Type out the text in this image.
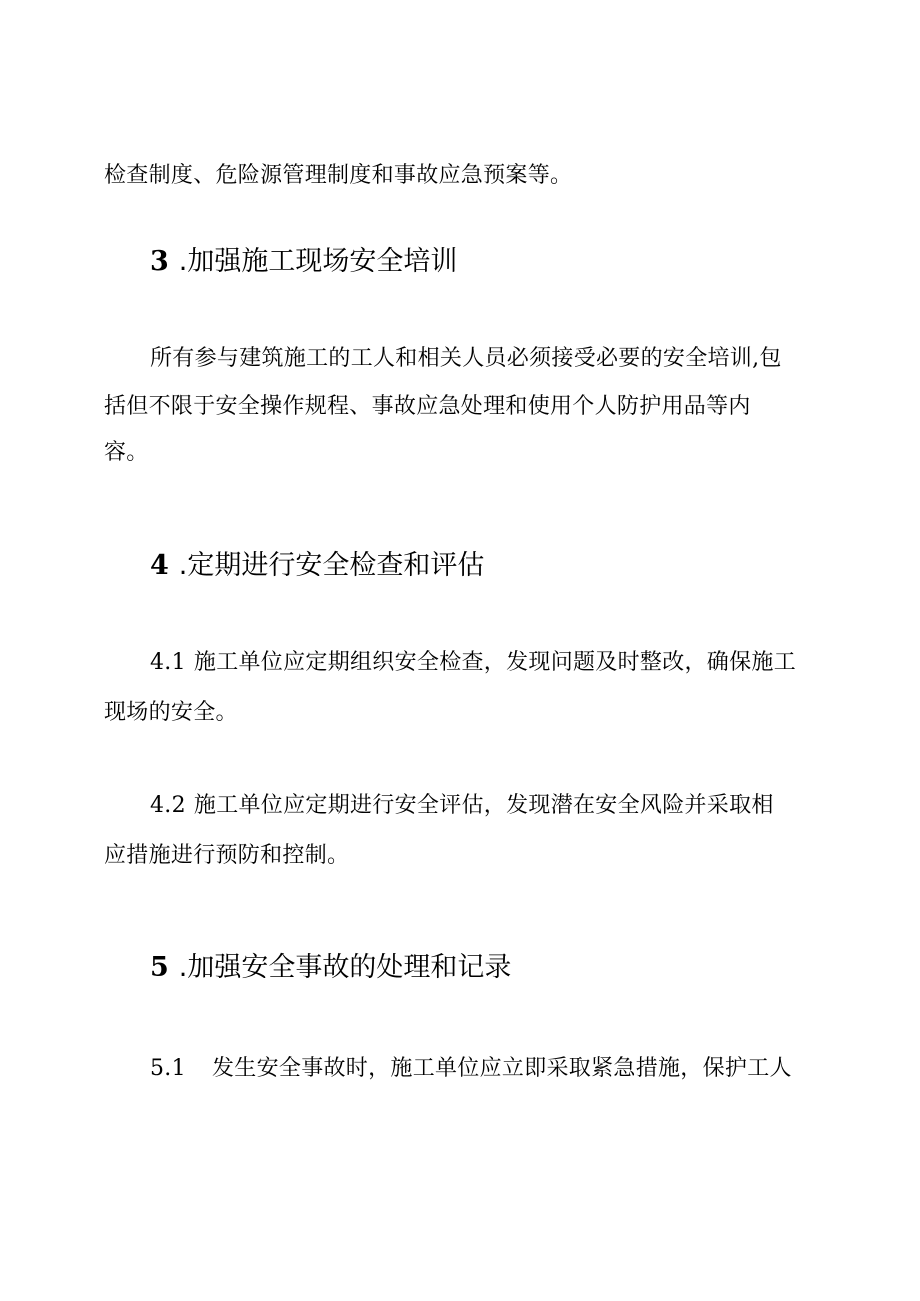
检查制度、危险源管理制度和事故应急预案等。
3 .加强施工现场安全培训
所有参与建筑施工的工人和相关人员必须接受必要的安全培训,包
括但不限于安全操作规程、事故应急处理和使用个人防护用品等内
容。
4 .定期进行安全检查和评估
4.1 施工单位应定期组织安全检查，发现问题及时整改，确保施工
现场的安全。
4.2 施工单位应定期进行安全评估，发现潜在安全风险并采取相
应措施进行预防和控制。
5 .加强安全事故的处理和记录
5.1 发生安全事故时，施工单位应立即采取紧急措施，保护工人
